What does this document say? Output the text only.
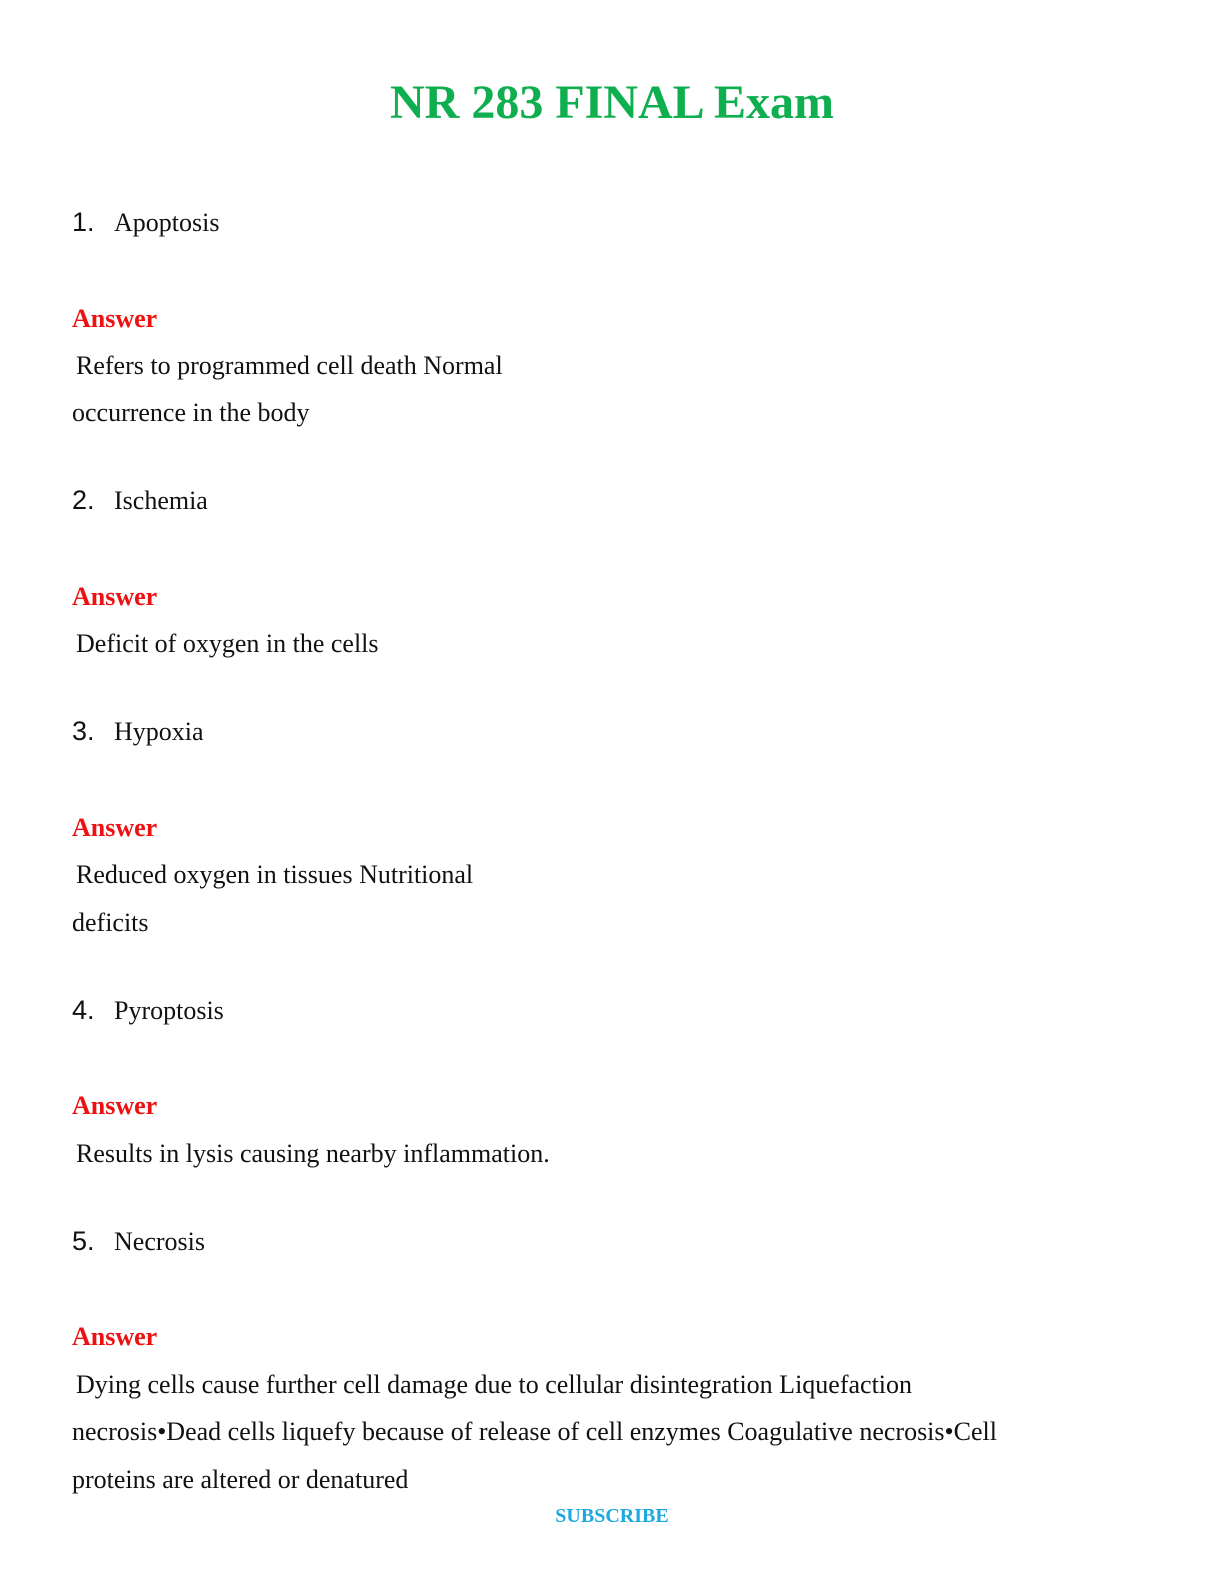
NR 283 FINAL Exam
1. Apoptosis
Answer
Refers to programmed cell death Normal
occurrence in the body
2. Ischemia
Answer
Deficit of oxygen in the cells
3. Hypoxia
Answer
Reduced oxygen in tissues Nutritional
deficits
4. Pyroptosis
Answer
Results in lysis causing nearby inflammation.
5. Necrosis
Answer
Dying cells cause further cell damage due to cellular disintegration Liquefaction
necrosis•Dead cells liquefy because of release of cell enzymes Coagulative necrosis•Cell
proteins are altered or denatured
SUBSCRIBE
